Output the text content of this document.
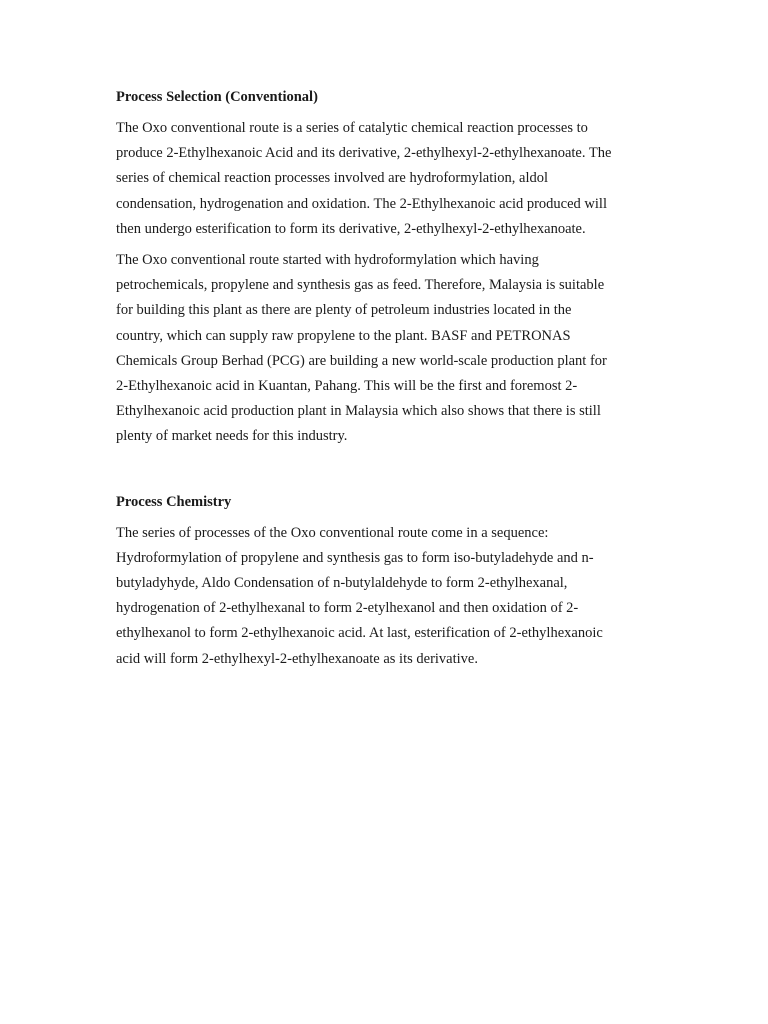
Process Selection (Conventional)
The Oxo conventional route is a series of catalytic chemical reaction processes to
produce 2-Ethylhexanoic Acid and its derivative, 2-ethylhexyl-2-ethylhexanoate. The
series of chemical reaction processes involved are hydroformylation, aldol
condensation, hydrogenation and oxidation. The 2-Ethylhexanoic acid produced will
then undergo esterification to form its derivative, 2-ethylhexyl-2-ethylhexanoate.
The Oxo conventional route started with hydroformylation which having
petrochemicals, propylene and synthesis gas as feed. Therefore, Malaysia is suitable
for building this plant as there are plenty of petroleum industries located in the
country, which can supply raw propylene to the plant. BASF and PETRONAS
Chemicals Group Berhad (PCG) are building a new world-scale production plant for
2-Ethylhexanoic acid in Kuantan, Pahang. This will be the first and foremost 2-
Ethylhexanoic acid production plant in Malaysia which also shows that there is still
plenty of market needs for this industry.
Process Chemistry
The series of processes of the Oxo conventional route come in a sequence:
Hydroformylation of propylene and synthesis gas to form iso-butyladehyde and n-
butyladyhyde, Aldo Condensation of n-butylaldehyde to form 2-ethylhexanal,
hydrogenation of 2-ethylhexanal to form 2-etylhexanol and then oxidation of 2-
ethylhexanol to form 2-ethylhexanoic acid. At last, esterification of 2-ethylhexanoic
acid will form 2-ethylhexyl-2-ethylhexanoate as its derivative.
